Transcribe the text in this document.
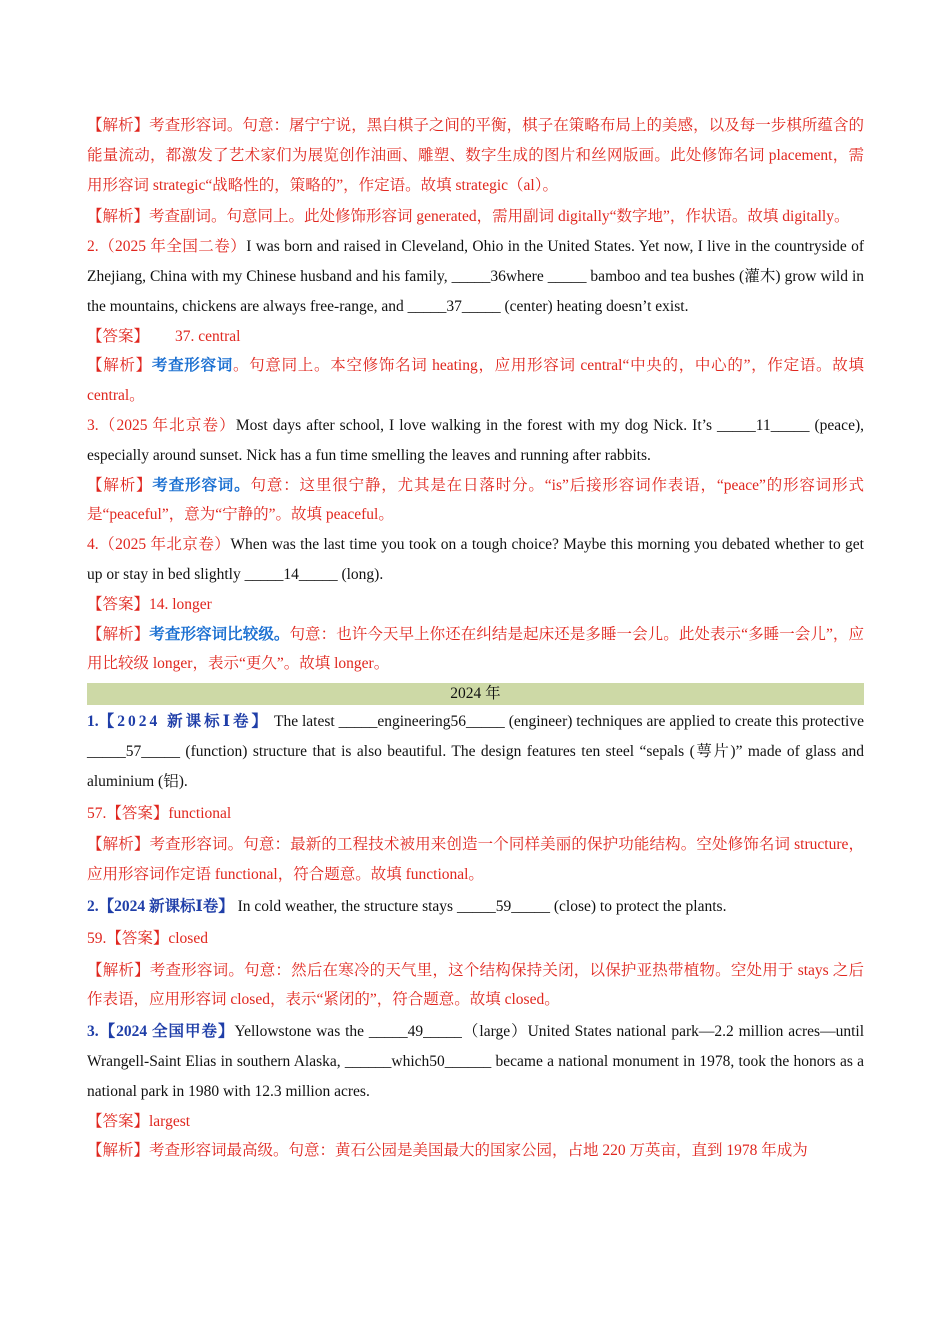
【解析】考查形容词。句意：屠宁宁说，黑白棋子之间的平衡，棋子在策略布局上的美感，以及每一步棋所蕴含的能量流动，都激发了艺术家们为展览创作油画、雕塑、数字生成的图片和丝网版画。此处修饰名词 placement，需用形容词 strategic“战略性的，策略的”，作定语。故填 strategic（al）。

【解析】考查副词。句意同上。此处修饰形容词 generated，需用副词 digitally“数字地”，作状语。故填 digitally。

2.（2025 年全国二卷）I was born and raised in Cleveland, Ohio in the United States. Yet now, I live in the countryside of Zhejiang, China with my Chinese husband and his family, _____36where _____ bamboo and tea bushes (灌木) grow wild in the mountains, chickens are always free-range, and _____37_____ (center) heating doesn’t exist.

【答案】 37. central

【解析】考查形容词。句意同上。本空修饰名词 heating，应用形容词 central“中央的，中心的”，作定语。故填 central。

3.（2025 年北京卷）Most days after school, I love walking in the forest with my dog Nick. It’s _____11_____ (peace), especially around sunset. Nick has a fun time smelling the leaves and running after rabbits.

【解析】考查形容词。句意：这里很宁静，尤其是在日落时分。“is”后接形容词作表语，“peace”的形容词形式是“peaceful”，意为“宁静的”。故填 peaceful。

4.（2025 年北京卷）When was the last time you took on a tough choice? Maybe this morning you debated whether to get up or stay in bed slightly _____14_____ (long).

【答案】14. longer

【解析】考查形容词比较级。句意：也许今天早上你还在纠结是起床还是多睡一会儿。此处表示“多睡一会儿”，应用比较级 longer，表示“更久”。故填 longer。

2024 年

1.【2024 新课标Ⅰ卷】 The latest _____engineering56_____ (engineer) techniques are applied to create this protective _____57_____ (function) structure that is also beautiful. The design features ten steel “sepals (萼片)” made of glass and aluminium (铝).

57.【答案】functional

【解析】考查形容词。句意：最新的工程技术被用来创造一个同样美丽的保护功能结构。空处修饰名词 structure，应用形容词作定语 functional，符合题意。故填 functional。

2.【2024 新课标Ⅰ卷】 In cold weather, the structure stays _____59_____ (close) to protect the plants.

59.【答案】closed

【解析】考查形容词。句意：然后在寒冷的天气里，这个结构保持关闭，以保护亚热带植物。空处用于 stays 之后作表语，应用形容词 closed，表示“紧闭的”，符合题意。故填 closed。

3.【2024 全国甲卷】Yellowstone was the _____49_____（large）United States national park—2.2 million acres—until Wrangell-Saint Elias in southern Alaska, ______which50______ became a national monument in 1978, took the honors as a national park in 1980 with 12.3 million acres.

【答案】largest

【解析】考查形容词最高级。句意：黄石公园是美国最大的国家公园，占地 220 万英亩，直到 1978 年成为
